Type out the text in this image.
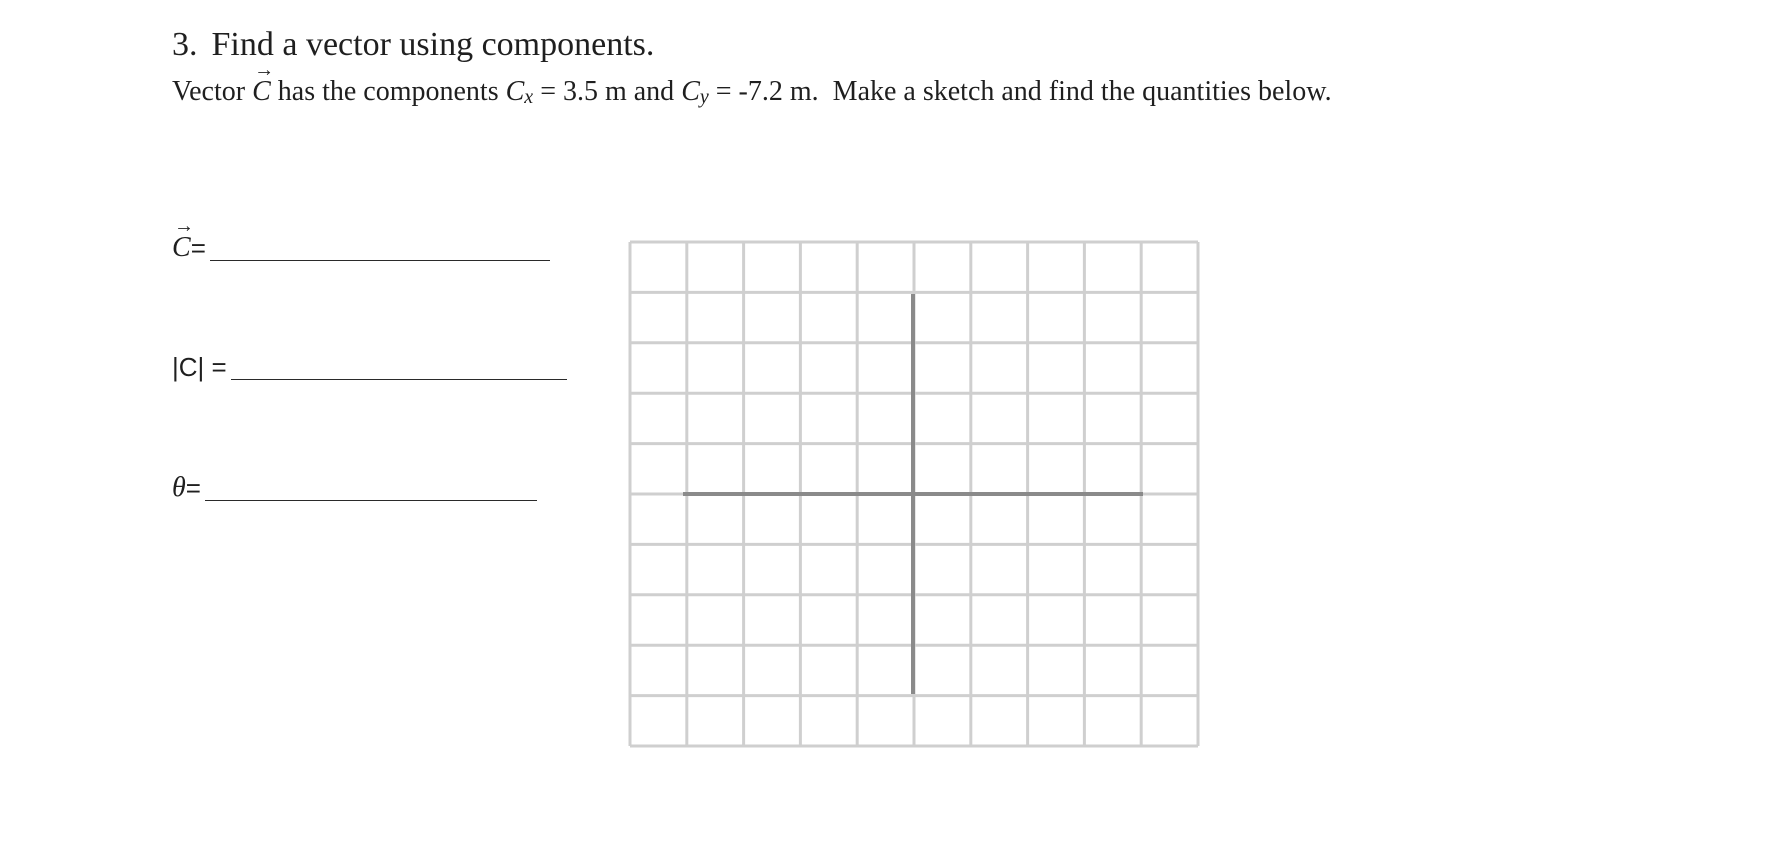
3. Find a vector using components.
Vector C
→
has the components Cx = 3.5 m and Cy = -7.2 m.  Make a sketch and find the quantities below.
C
→
=
|C| =
θ =
